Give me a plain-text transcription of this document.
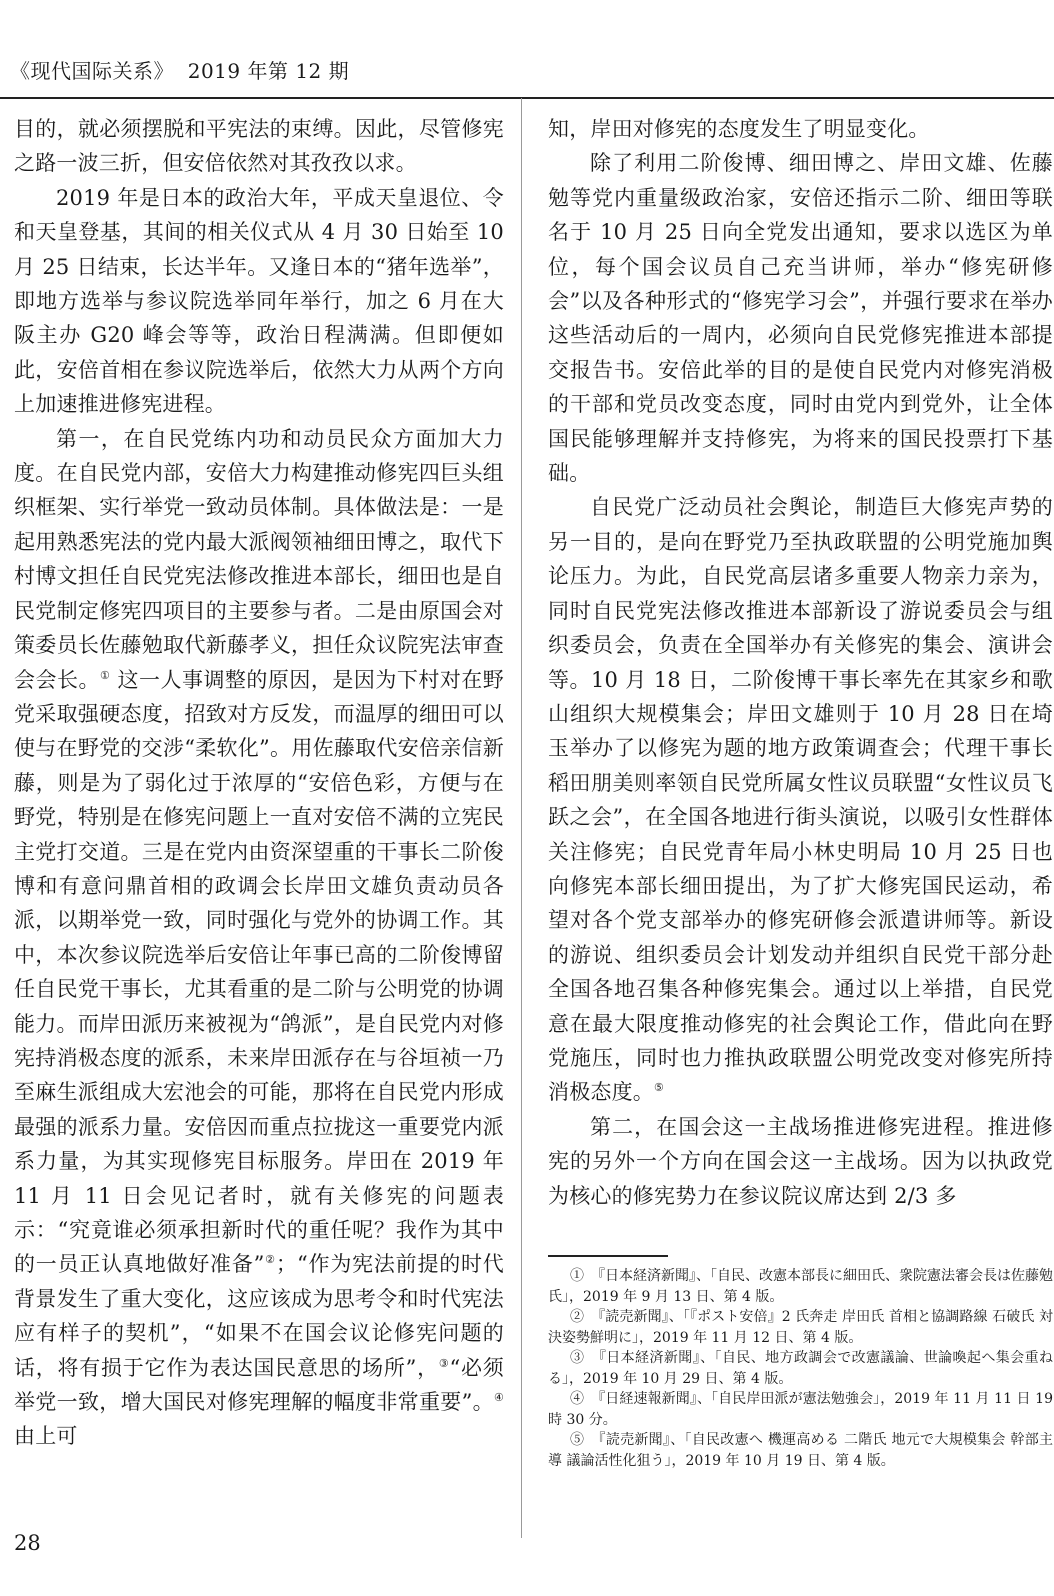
《现代国际关系》 2019 年第 12 期

目的，就必须摆脱和平宪法的束缚。因此，尽管修宪之路一波三折，但安倍依然对其孜孜以求。

2019 年是日本的政治大年，平成天皇退位、令和天皇登基，其间的相关仪式从 4 月 30 日始至 10 月 25 日结束，长达半年。又逢日本的“猪年选举”，即地方选举与参议院选举同年举行，加之 6 月在大阪主办 G20 峰会等等，政治日程满满。但即便如此，安倍首相在参议院选举后，依然大力从两个方向上加速推进修宪进程。

第一，在自民党练内功和动员民众方面加大力度。在自民党内部，安倍大力构建推动修宪四巨头组织框架、实行举党一致动员体制。具体做法是：一是起用熟悉宪法的党内最大派阀领袖细田博之，取代下村博文担任自民党宪法修改推进本部长，细田也是自民党制定修宪四项目的主要参与者。二是由原国会对策委员长佐藤勉取代新藤孝义，担任众议院宪法审查会会长。① 这一人事调整的原因，是因为下村对在野党采取强硬态度，招致对方反发，而温厚的细田可以使与在野党的交涉“柔软化”。用佐藤取代安倍亲信新藤，则是为了弱化过于浓厚的“安倍色彩，方便与在野党，特别是在修宪问题上一直对安倍不满的立宪民主党打交道。三是在党内由资深望重的干事长二阶俊博和有意问鼎首相的政调会长岸田文雄负责动员各派，以期举党一致，同时强化与党外的协调工作。其中，本次参议院选举后安倍让年事已高的二阶俊博留任自民党干事长，尤其看重的是二阶与公明党的协调能力。而岸田派历来被视为“鸽派”，是自民党内对修宪持消极态度的派系，未来岸田派存在与谷垣祯一乃至麻生派组成大宏池会的可能，那将在自民党内形成最强的派系力量。安倍因而重点拉拢这一重要党内派系力量，为其实现修宪目标服务。岸田在 2019 年 11 月 11 日会见记者时，就有关修宪的问题表示：“究竟谁必须承担新时代的重任呢？我作为其中的一员正认真地做好准备”②；“作为宪法前提的时代背景发生了重大变化，这应该成为思考令和时代宪法应有样子的契机”，“如果不在国会议论修宪问题的话，将有损于它作为表达国民意思的场所”，③“必须举党一致，增大国民对修宪理解的幅度非常重要”。④ 由上可

知，岸田对修宪的态度发生了明显变化。

除了利用二阶俊博、细田博之、岸田文雄、佐藤勉等党内重量级政治家，安倍还指示二阶、细田等联名于 10 月 25 日向全党发出通知，要求以选区为单位，每个国会议员自己充当讲师，举办“修宪研修会”以及各种形式的“修宪学习会”，并强行要求在举办这些活动后的一周内，必须向自民党修宪推进本部提交报告书。安倍此举的目的是使自民党内对修宪消极的干部和党员改变态度，同时由党内到党外，让全体国民能够理解并支持修宪，为将来的国民投票打下基础。

自民党广泛动员社会舆论，制造巨大修宪声势的另一目的，是向在野党乃至执政联盟的公明党施加舆论压力。为此，自民党高层诸多重要人物亲力亲为，同时自民党宪法修改推进本部新设了游说委员会与组织委员会，负责在全国举办有关修宪的集会、演讲会等。10 月 18 日，二阶俊博干事长率先在其家乡和歌山组织大规模集会；岸田文雄则于 10 月 28 日在埼玉举办了以修宪为题的地方政策调查会；代理干事长稻田朋美则率领自民党所属女性议员联盟“女性议员飞跃之会”，在全国各地进行街头演说，以吸引女性群体关注修宪；自民党青年局小林史明局 10 月 25 日也向修宪本部长细田提出，为了扩大修宪国民运动，希望对各个党支部举办的修宪研修会派遣讲师等。新设的游说、组织委员会计划发动并组织自民党干部分赴全国各地召集各种修宪集会。通过以上举措，自民党意在最大限度推动修宪的社会舆论工作，借此向在野党施压，同时也力推执政联盟公明党改变对修宪所持消极态度。⑤

第二，在国会这一主战场推进修宪进程。推进修宪的另外一个方向在国会这一主战场。因为以执政党为核心的修宪势力在参议院议席达到 2/3 多

①　『日本経済新聞』、「自民、改憲本部長に細田氏、衆院憲法審会長は佐藤勉氏」，2019 年 9 月 13 日、第 4 版。

②　『読売新聞』、「『ポスト安倍』2 氏奔走 岸田氏 首相と協調路線 石破氏 対決姿勢鮮明に」，2019 年 11 月 12 日、第 4 版。

③　『日本経済新聞』、「自民、地方政調会で改憲議論、世論喚起へ集会重ねる」，2019 年 10 月 29 日、第 4 版。

④　『日経速報新聞』、「自民岸田派が憲法勉強会」，2019 年 11 月 11 日 19 時 30 分。

⑤　『読売新聞』、「自民改憲へ 機運高める 二階氏 地元で大規模集会 幹部主導 議論活性化狙う」，2019 年 10 月 19 日、第 4 版。

28
